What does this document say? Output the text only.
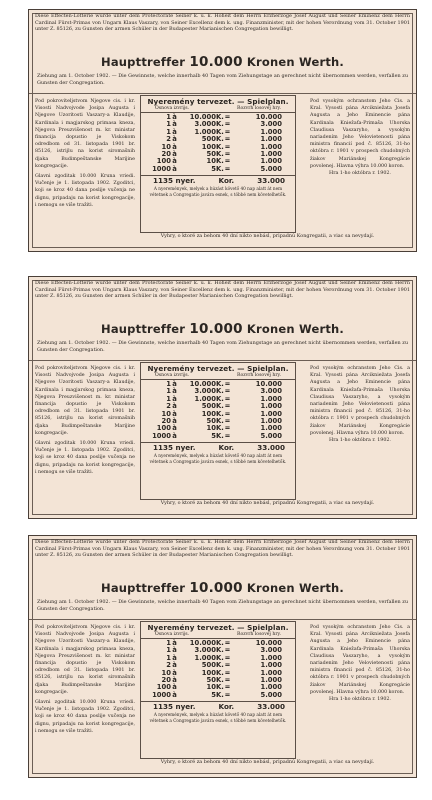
Diese Effecten-Lotterie wurde unter dem Protectorate Seiner k. u. k. Hoheit dem Herrn Erzherzoge Josef August und Seiner Eminenz dem Herrn Cardinal Fürst-Primas von Ungarn Klaus Vaszary, von Seiner Excellenz dem k. ung. Finanzminister, mit der hohen Verordnung vom 31. October 1901 unter Z. 85126, zu Gunsten der armen Schüler in der Budapester Marianischen Congregation bewilligt.
Haupttreffer 10.000 Kronen Werth.
Ziehung am 1. October 1902. — Die Gewinnste, welche innerhalb 40 Tagen vom Ziehungstage an gerechnet nicht übernommen werden, verfallen zu Gunsten der Congregation.
Pod pokroviteljstvom Njegove cis. i kr. Visosti Nadvojvode Josipa Augusta i Njegove Uzoritosti Vaszary-a Klaudije, Kardinala i magjarskog primasa kneza, Njegova Preuzvišenost m. kr. ministar financija dopustio je Viskokom odredbom od 31. listopada 1901 br. 85126, istrijlu na korist siromašnih djaka Budimpeštanske Marijine kongregacije.
Glavni zgoditak 10.000 Kruna vriedi. Vučenje je 1. listopada 1902. Zgoditci, koji se kroz 40 dana poslije vučenja ne dignu, pripadaju na korist kongregacije, i nemogu se više tražiti.
Nyeremény tervezet. — Spielplan.
Osnova izvrijs.	Rozvrh losovej hry.
1 à	10.000 K. =	10.000
1 à	3.000 K. =	3.000
1 à	1.000 K. =	1.000
2 à	500 K. =	1.000
10 à	100 K. =	1.000
20 à	50 K. =	1.000
100 à	10 K. =	1.000
1000 à	5 K. =	5.000
1135 nyer.	Kor.	33.000
A nyeremények, melyek a húzást követő 40 nap alatt át nem vétetnek a Congregatio javára esnek, s többé nem követelhetők.
Pod vysokým ochranstom Jeho Cis. a Kral. Vysosti pána Arcikniežata Josefa Augusta a Jeho Eminencie pána Kardinala Kniežaťa-Primaša Uhorska Claudiusa Vaszaryho, a vysokým nariadením Jeho Velovietenosti pána ministra financií pod č. 85126, 31-ho októbra r. 1901 v prospech chudobných žiakov Mariánskej Kongregácie povolenej. Hlavna výhra 10.000 koron.
Hra 1-ho októbra r. 1902.
Vyhry, o ktoré za behom 40 dní nikto nebásl, pripadnú Kongregatii, a viac sa nevydají.
Diese Effecten-Lotterie wurde unter dem Protectorate Seiner k. u. k. Hoheit dem Herrn Erzherzoge Josef August und Seiner Eminenz dem Herrn Cardinal Fürst-Primas von Ungarn Klaus Vaszary, von Seiner Excellenz dem k. ung. Finanzminister, mit der hohen Verordnung vom 31. October 1901 unter Z. 85126, zu Gunsten der armen Schüler in der Budapester Marianischen Congregation bewilligt.
Haupttreffer 10.000 Kronen Werth.
Ziehung am 1. October 1902. — Die Gewinnste, welche innerhalb 40 Tagen vom Ziehungstage an gerechnet nicht übernommen werden, verfallen zu Gunsten der Congregation.
Pod pokroviteljstvom Njegove cis. i kr. Visosti Nadvojvode Josipa Augusta i Njegove Uzoritosti Vaszary-a Klaudije, Kardinala i magjarskog primasa kneza, Njegova Preuzvišenost m. kr. ministar financija dopustio je Viskokom odredbom od 31. listopada 1901 br. 85126, istrijlu na korist siromašnih djaka Budimpeštanske Marijine kongregacije.
Glavni zgoditak 10.000 Kruna vriedi. Vučenje je 1. listopada 1902. Zgoditci, koji se kroz 40 dana poslije vučenja ne dignu, pripadaju na korist kongregacije, i nemogu se više tražiti.
Nyeremény tervezet. — Spielplan.
Osnova izvrijs.	Rozvrh losovej hry.
1 à	10.000 K. =	10.000
1 à	3.000 K. =	3.000
1 à	1.000 K. =	1.000
2 à	500 K. =	1.000
10 à	100 K. =	1.000
20 à	50 K. =	1.000
100 à	10 K. =	1.000
1000 à	5 K. =	5.000
1135 nyer.	Kor.	33.000
A nyeremények, melyek a húzást követő 40 nap alatt át nem vétetnek a Congregatio javára esnek, s többé nem követelhetők.
Pod vysokým ochranstom Jeho Cis. a Kral. Vysosti pána Arcikniežata Josefa Augusta a Jeho Eminencie pána Kardinala Kniežaťa-Primaša Uhorska Claudiusa Vaszaryho, a vysokým nariadením Jeho Velovietenosti pána ministra financií pod č. 85126, 31-ho októbra r. 1901 v prospech chudobných žiakov Mariánskej Kongregácie povolenej. Hlavna výhra 10.000 koron.
Hra 1-ho októbra r. 1902.
Vyhry, o ktoré za behom 40 dní nikto nebásl, pripadnú Kongregatii, a viac sa nevydají.
Diese Effecten-Lotterie wurde unter dem Protectorate Seiner k. u. k. Hoheit dem Herrn Erzherzoge Josef August und Seiner Eminenz dem Herrn Cardinal Fürst-Primas von Ungarn Klaus Vaszary, von Seiner Excellenz dem k. ung. Finanzminister, mit der hohen Verordnung vom 31. October 1901 unter Z. 85126, zu Gunsten der armen Schüler in der Budapester Marianischen Congregation bewilligt.
Haupttreffer 10.000 Kronen Werth.
Ziehung am 1. October 1902. — Die Gewinnste, welche innerhalb 40 Tagen vom Ziehungstage an gerechnet nicht übernommen werden, verfallen zu Gunsten der Congregation.
Pod pokroviteljstvom Njegove cis. i kr. Visosti Nadvojvode Josipa Augusta i Njegove Uzoritosti Vaszary-a Klaudije, Kardinala i magjarskog primasa kneza, Njegova Preuzvišenost m. kr. ministar financija dopustio je Viskokom odredbom od 31. listopada 1901 br. 85126, istrijlu na korist siromašnih djaka Budimpeštanske Marijine kongregacije.
Glavni zgoditak 10.000 Kruna vriedi. Vučenje je 1. listopada 1902. Zgoditci, koji se kroz 40 dana poslije vučenja ne dignu, pripadaju na korist kongregacije, i nemogu se više tražiti.
Nyeremény tervezet. — Spielplan.
Osnova izvrijs.	Rozvrh losovej hry.
1 à	10.000 K. =	10.000
1 à	3.000 K. =	3.000
1 à	1.000 K. =	1.000
2 à	500 K. =	1.000
10 à	100 K. =	1.000
20 à	50 K. =	1.000
100 à	10 K. =	1.000
1000 à	5 K. =	5.000
1135 nyer.	Kor.	33.000
A nyeremények, melyek a húzást követő 40 nap alatt át nem vétetnek a Congregatio javára esnek, s többé nem követelhetők.
Pod vysokým ochranstom Jeho Cis. a Kral. Vysosti pána Arcikniežata Josefa Augusta a Jeho Eminencie pána Kardinala Kniežaťa-Primaša Uhorska Claudiusa Vaszaryho, a vysokým nariadením Jeho Velovietenosti pána ministra financií pod č. 85126, 31-ho októbra r. 1901 v prospech chudobných žiakov Mariánskej Kongregácie povolenej. Hlavna výhra 10.000 koron.
Hra 1-ho októbra r. 1902.
Vyhry, o ktoré za behom 40 dní nikto nebásl, pripadnú Kongregatii, a viac sa nevydají.
